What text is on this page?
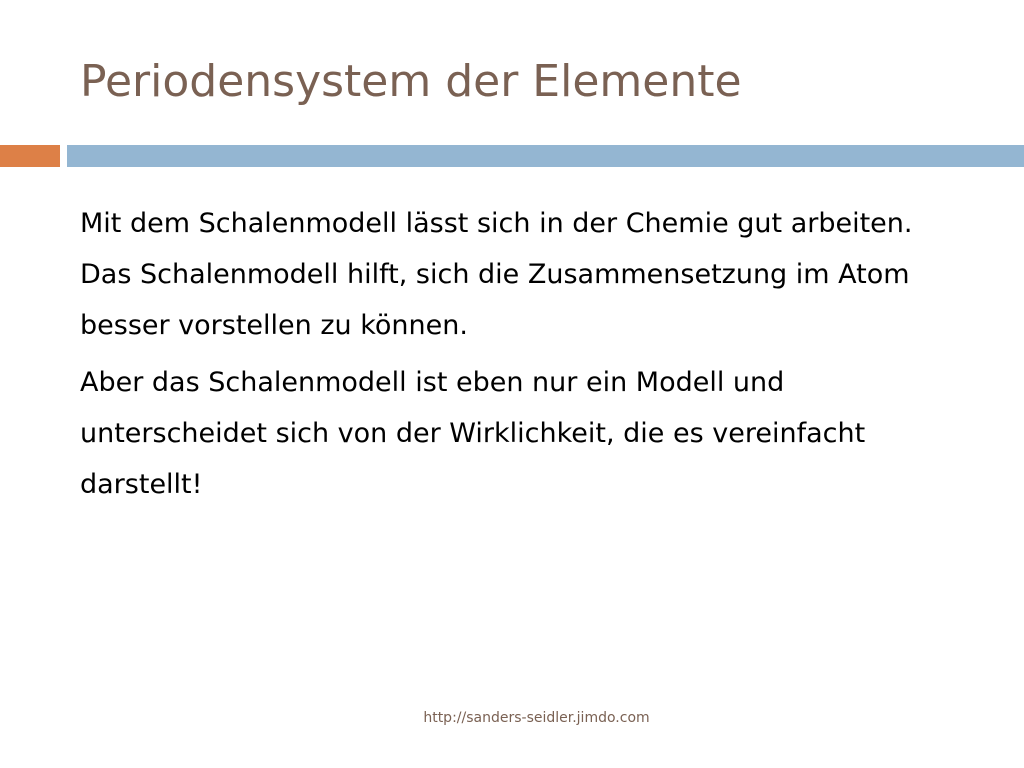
Periodensystem der Elemente

Mit dem Schalenmodell lässt sich in der Chemie gut arbeiten. Das Schalenmodell hilft, sich die Zusammensetzung im Atom besser vorstellen zu können.

Aber das Schalenmodell ist eben nur ein Modell und unterscheidet sich von der Wirklichkeit, die es vereinfacht darstellt!

http://sanders-seidler.jimdo.com
